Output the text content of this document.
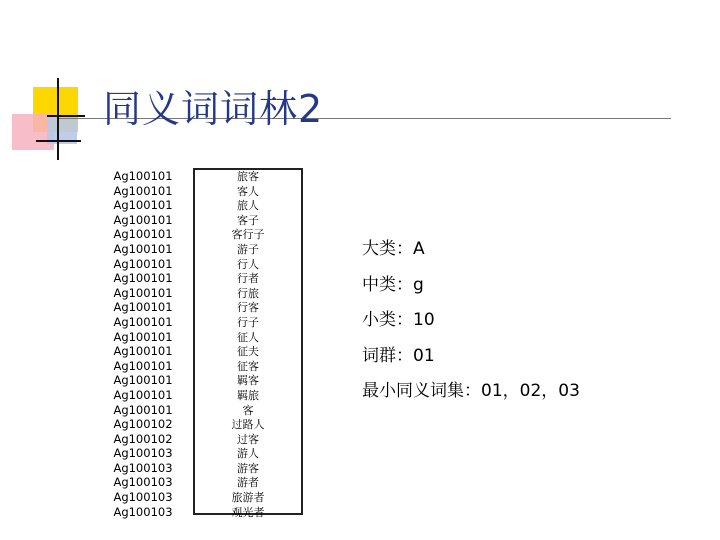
同义词词林2
Ag100101
Ag100101
Ag100101
Ag100101
Ag100101
Ag100101
Ag100101
Ag100101
Ag100101
Ag100101
Ag100101
Ag100101
Ag100101
Ag100101
Ag100101
Ag100101
Ag100101
Ag100102
Ag100102
Ag100103
Ag100103
Ag100103
Ag100103
Ag100103
旅客
客人
旅人
客子
客行子
游子
行人
行者
行旅
行客
行子
征人
征夫
征客
羁客
羁旅
客
过路人
过客
游人
游客
游者
旅游者
观光者
大类：A
中类：g
小类：10
词群：01
最小同义词集：01，02，03
